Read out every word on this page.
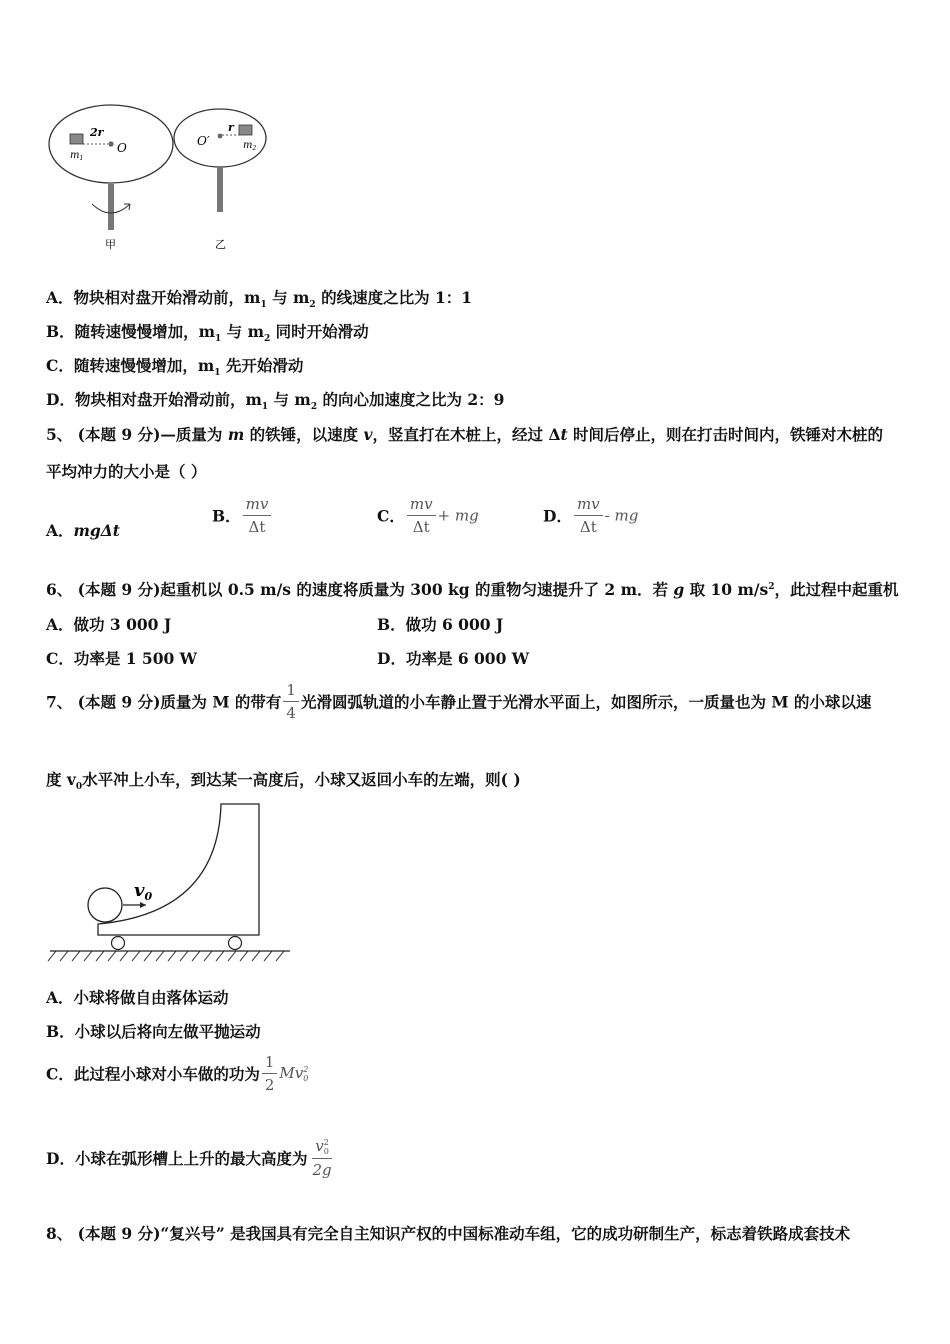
2r
$m_1$
O
甲
r
$m_2$
O′
乙
A．物块相对盘开始滑动前，$m_1$ 与 $m_2$ 的线速度之比为 1：1
B．随转速慢慢增加，$m_1$ 与 $m_2$ 同时开始滑动
C．随转速慢慢增加，$m_1$ 先开始滑动
D．物块相对盘开始滑动前，$m_1$ 与 $m_2$ 的向心加速度之比为 2：9
5、 (本题 9 分)—质量为 m 的铁锤，以速度 v，竖直打在木桩上，经过 Δt 时间后停止，则在打击时间内，铁锤对木桩的
平均冲力的大小是（ ）
A．mgΔt
B． $\frac{mv}{\Delta t}$	C． $\frac{mv}{\Delta t}$ + mg	D． $\frac{mv}{\Delta t}$ - mg
6、 (本题 9 分)起重机以 0.5 m/s 的速度将质量为 300 kg 的重物匀速提升了 2 m．若 g 取 10 $m/s^2$，此过程中起重机
A．做功 3 000 J	B．做功 6 000 J
C．功率是 1 500 W	D．功率是 6 000 W
7、 (本题 9 分)质量为 M 的带有 $\frac{1}{4}$ 光滑圆弧轨道的小车静止置于光滑水平面上，如图所示，一质量也为 M 的小球以速
度 $v_0$水平冲上小车，到达某一高度后，小球又返回小车的左端，则( )
$v_0$
A．小球将做自由落体运动
B．小球以后将向左做平抛运动
C．此过程小球对小车做的功为 $\frac{1}{2}$ Mv 2
0
D．小球在弧形槽上上升的最大高度为 v 2
0
2g
8、 (本题 9 分)“复兴号” 是我国具有完全自主知识产权的中国标准动车组，它的成功研制生产，标志着铁路成套技术
